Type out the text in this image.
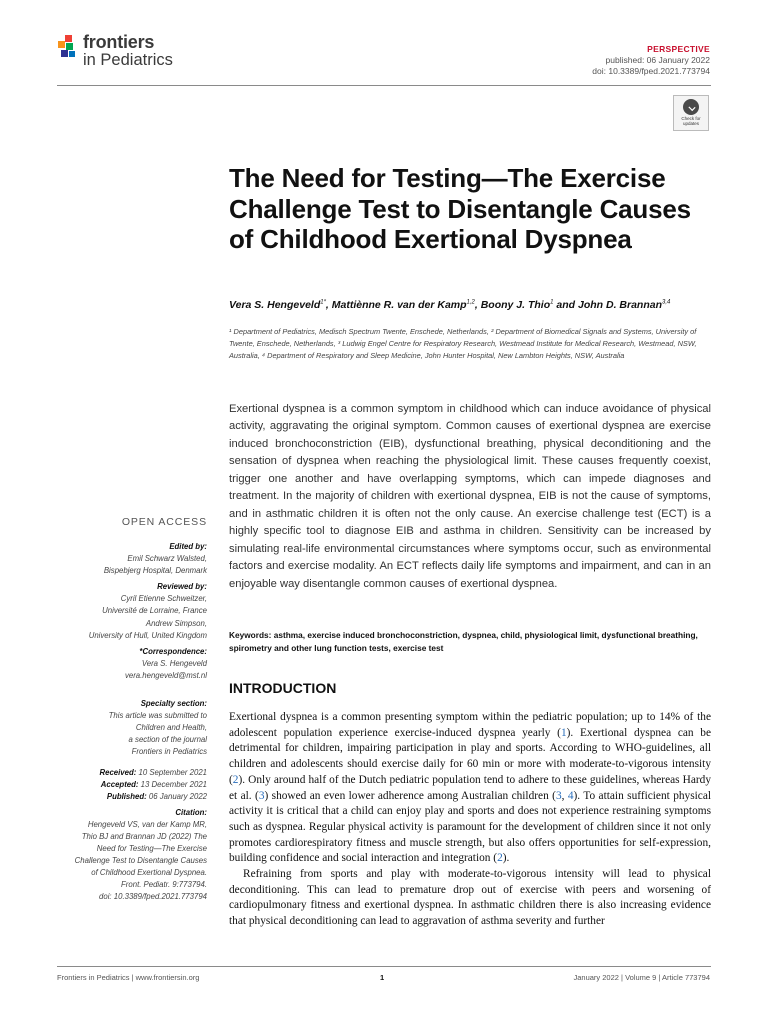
frontiers
in Pediatrics
PERSPECTIVE
published: 06 January 2022
doi: 10.3389/fped.2021.773794
Check for updates
The Need for Testing—The Exercise Challenge Test to Disentangle Causes of Childhood Exertional Dyspnea
Vera S. Hengeveld$^{1*}$, Mattiènne R. van der Kamp$^{1,2}$, Boony J. Thio$^1$ and John D. Brannan$^{3,4}$
¹ Department of Pediatrics, Medisch Spectrum Twente, Enschede, Netherlands, ² Department of Biomedical Signals and Systems, University of Twente, Enschede, Netherlands, ³ Ludwig Engel Centre for Respiratory Research, Westmead Institute for Medical Research, Westmead, NSW, Australia, ⁴ Department of Respiratory and Sleep Medicine, John Hunter Hospital, New Lambton Heights, NSW, Australia
Exertional dyspnea is a common symptom in childhood which can induce avoidance of physical activity, aggravating the original symptom. Common causes of exertional dyspnea are exercise induced bronchoconstriction (EIB), dysfunctional breathing, physical deconditioning and the sensation of dyspnea when reaching the physiological limit. These causes frequently coexist, trigger one another and have overlapping symptoms, which can impede diagnoses and treatment. In the majority of children with exertional dyspnea, EIB is not the cause of symptoms, and in asthmatic children it is often not the only cause. An exercise challenge test (ECT) is a highly specific tool to diagnose EIB and asthma in children. Sensitivity can be increased by simulating real-life environmental circumstances where symptoms occur, such as environmental factors and exercise modality. An ECT reflects daily life symptoms and impairment, and can in an enjoyable way disentangle common causes of exertional dyspnea.
Keywords: asthma, exercise induced bronchoconstriction, dyspnea, child, physiological limit, dysfunctional breathing, spirometry and other lung function tests, exercise test
INTRODUCTION

Exertional dyspnea is a common presenting symptom within the pediatric population; up to 14% of the adolescent population experience exercise-induced dyspnea yearly (1). Exertional dyspnea can be detrimental for children, impairing participation in play and sports. According to WHO-guidelines, all children and adolescents should exercise daily for 60 min or more with moderate-to-vigorous intensity (2). Only around half of the Dutch pediatric population tend to adhere to these guidelines, whereas Hardy et al. (3) showed an even lower adherence among Australian children (3, 4). To attain sufficient physical activity it is critical that a child can enjoy play and sports and does not experience restraining symptoms such as dyspnea. Regular physical activity is paramount for the development of children since it not only promotes cardiorespiratory fitness and muscle strength, but also offers opportunities for self-expression, building confidence and social interaction and integration (2).

Refraining from sports and play with moderate-to-vigorous intensity will lead to physical deconditioning. This can lead to premature drop out of exercise with peers and worsening of cardiopulmonary fitness and exertional dyspnea. In asthmatic children there is also increasing evidence that physical deconditioning can lead to aggravation of asthma severity and further

OPEN ACCESS
Edited by:
Emil Schwarz Walsted,
Bispebjerg Hospital, Denmark
Reviewed by:
Cyril Etienne Schweitzer,
Université de Lorraine, France
Andrew Simpson,
University of Hull, United Kingdom
*Correspondence:
Vera S. Hengeveld
vera.hengeveld@mst.nl
Specialty section:
This article was submitted to
Children and Health,
a section of the journal
Frontiers in Pediatrics
Received: 10 September 2021
Accepted: 13 December 2021
Published: 06 January 2022
Citation:
Hengeveld VS, van der Kamp MR,
Thio BJ and Brannan JD (2022) The
Need for Testing—The Exercise
Challenge Test to Disentangle Causes
of Childhood Exertional Dyspnea.
Front. Pediatr. 9:773794.
doi: 10.3389/fped.2021.773794
Frontiers in Pediatrics | www.frontiersin.org	1	January 2022 | Volume 9 | Article 773794
